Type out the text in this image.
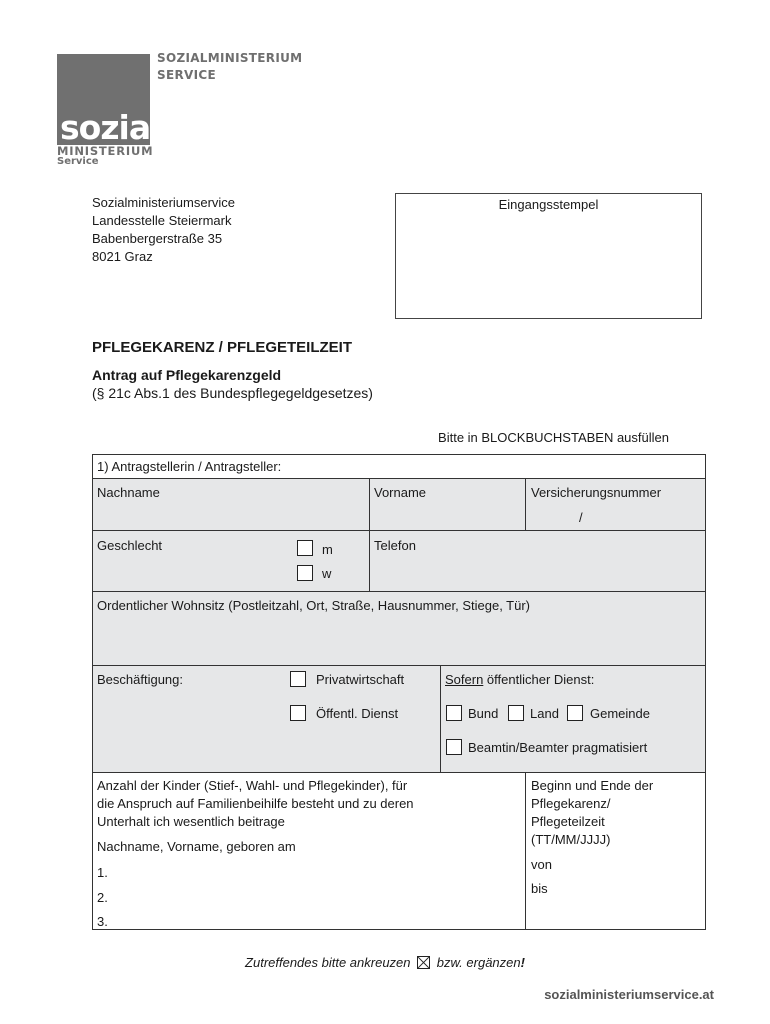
SOZIALMINISTERIUM
SERVICE
sozial
MINISTERIUM
Service
Sozialministeriumservice
Landesstelle Steiermark
Babenbergerstraße 35
8021 Graz
Eingangsstempel
PFLEGEKARENZ / PFLEGETEILZEIT
Antrag auf Pflegekarenzgeld
(§ 21c Abs.1 des Bundespflegegeldgesetzes)
Bitte in BLOCKBUCHSTABEN ausfüllen
1) Antragstellerin / Antragsteller:
Nachname	Vorname	Versicherungsnummer
/
Geschlecht	m
w
Telefon
Ordentlicher Wohnsitz (Postleitzahl, Ort, Straße, Hausnummer, Stiege, Tür)
Beschäftigung:	Privatwirtschaft
Öffentl. Dienst
Sofern öffentlicher Dienst:
Bund Land Gemeinde
Beamtin/Beamter pragmatisiert
Anzahl der Kinder (Stief-, Wahl- und Pflegekinder), für
die Anspruch auf Familienbeihilfe besteht und zu deren
Unterhalt ich wesentlich beitrage
Nachname, Vorname, geboren am
1.
2.
3.
Beginn und Ende der
Pflegekarenz/
Pflegeteilzeit
(TT/MM/JJJJ)
von
bis
Zutreffendes bitte ankreuzen ☒ bzw. ergänzen!
sozialministeriumservice.at
